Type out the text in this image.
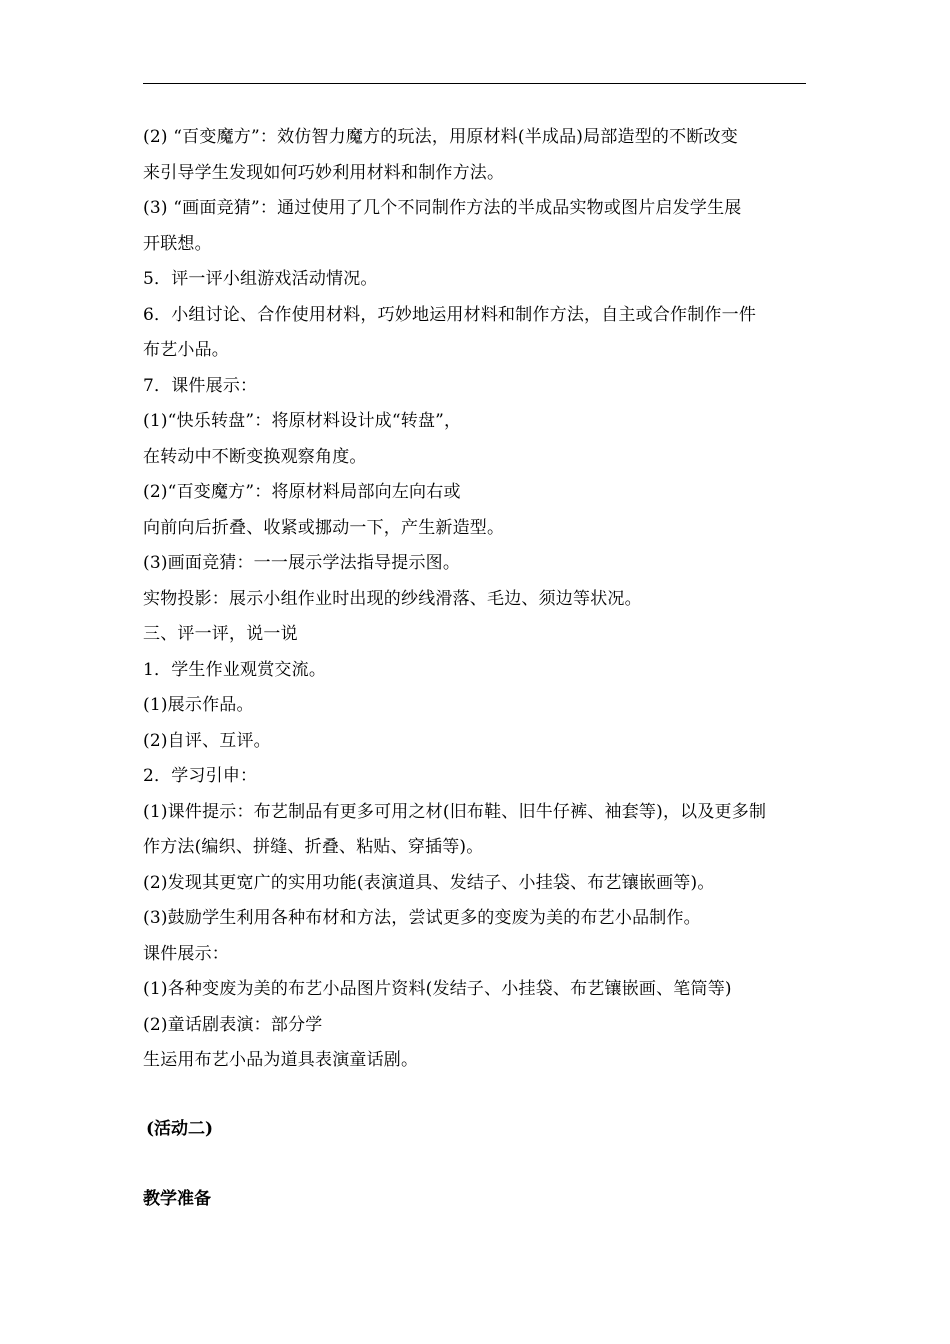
(2) “百变魔方”：效仿智力魔方的玩法，用原材料(半成品)局部造型的不断改变

来引导学生发现如何巧妙利用材料和制作方法。

(3) “画面竞猜”：通过使用了几个不同制作方法的半成品实物或图片启发学生展

开联想。

5．评一评小组游戏活动情况。

6．小组讨论、合作使用材料，巧妙地运用材料和制作方法，自主或合作制作一件

布艺小品。

7．课件展示：

(1)“快乐转盘”：将原材料设计成“转盘”，

在转动中不断变换观察角度。

(2)“百变魔方”：将原材料局部向左向右或

向前向后折叠、收紧或挪动一下，产生新造型。

(3)画面竞猜：一一展示学法指导提示图。

实物投影：展示小组作业时出现的纱线滑落、毛边、须边等状况。

三、评一评，说一说

1．学生作业观赏交流。

(1)展示作品。

(2)自评、互评。

2．学习引申：

(1)课件提示：布艺制品有更多可用之材(旧布鞋、旧牛仔裤、袖套等)，以及更多制

作方法(编织、拼缝、折叠、粘贴、穿插等)。

(2)发现其更宽广的实用功能(表演道具、发结子、小挂袋、布艺镶嵌画等)。

(3)鼓励学生利用各种布材和方法，尝试更多的变废为美的布艺小品制作。

课件展示：

(1)各种变废为美的布艺小品图片资料(发结子、小挂袋、布艺镶嵌画、笔筒等)

(2)童话剧表演：部分学

生运用布艺小品为道具表演童话剧。

(活动二)

教学准备
